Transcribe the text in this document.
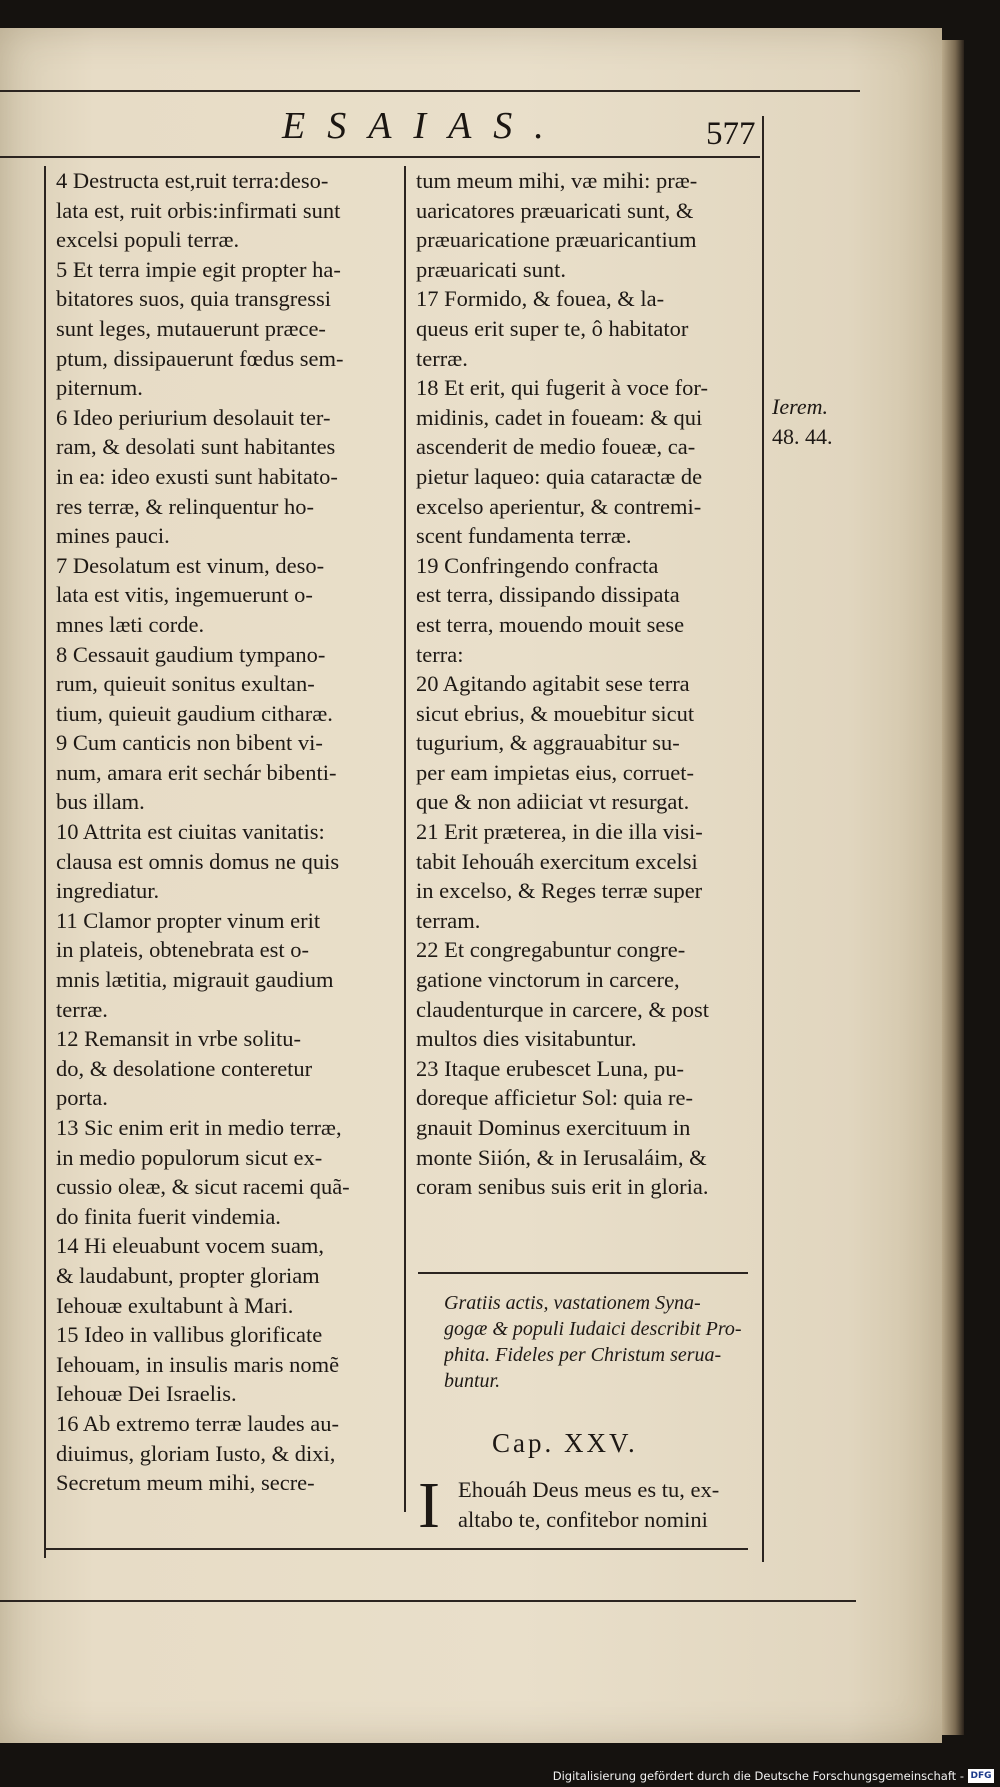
ESAIAS.	577
4 Destructa est,ruit terra:deso-
lata est, ruit orbis:infirmati sunt
excelsi populi terræ.
5 Et terra impie egit propter ha-
bitatores suos, quia transgressi
sunt leges, mutauerunt præce-
ptum, dissipauerunt fœdus sem-
piternum.
6 Ideo periurium desolauit ter-
ram, & desolati sunt habitantes
in ea: ideo exusti sunt habitato-
res terræ, & relinquentur ho-
mines pauci.
7 Desolatum est vinum, deso-
lata est vitis, ingemuerunt o-
mnes læti corde.
8 Cessauit gaudium tympano-
rum, quieuit sonitus exultan-
tium, quieuit gaudium citharæ.
9 Cum canticis non bibent vi-
num, amara erit sechár bibenti-
bus illam.
10 Attrita est ciuitas vanitatis:
clausa est omnis domus ne quis
ingrediatur.
11 Clamor propter vinum erit
in plateis, obtenebrata est o-
mnis lætitia, migrauit gaudium
terræ.
12 Remansit in vrbe solitu-
do, & desolatione conteretur
porta.
13 Sic enim erit in medio terræ,
in medio populorum sicut ex-
cussio oleæ, & sicut racemi quã-
do finita fuerit vindemia.
14 Hi eleuabunt vocem suam,
& laudabunt, propter gloriam
Iehouæ exultabunt à Mari.
15 Ideo in vallibus glorificate
Iehouam, in insulis maris nomẽ
Iehouæ Dei Israelis.
16 Ab extremo terræ laudes au-
diuimus, gloriam Iusto, & dixi,
Secretum meum mihi, secre-
tum meum mihi, væ mihi: præ-
uaricatores præuaricati sunt, &
præuaricatione præuaricantium
præuaricati sunt.
17 Formido, & fouea, & la-
queus erit super te, ô habitator
terræ.
18 Et erit, qui fugerit à voce for-
midinis, cadet in foueam: & qui
ascenderit de medio foueæ, ca-
pietur laqueo: quia cataractæ de
excelso aperientur, & contremi-
scent fundamenta terræ.
19 Confringendo confracta
est terra, dissipando dissipata
est terra, mouendo mouit sese
terra:
20 Agitando agitabit sese terra
sicut ebrius, & mouebitur sicut
tugurium, & aggrauabitur su-
per eam impietas eius, corruet-
que & non adiiciat vt resurgat.
21 Erit præterea, in die illa visi-
tabit Iehouáh exercitum excelsi
in excelso, & Reges terræ super
terram.
22 Et congregabuntur congre-
gatione vinctorum in carcere,
claudenturque in carcere, & post
multos dies visitabuntur.
23 Itaque erubescet Luna, pu-
doreque afficietur Sol: quia re-
gnauit Dominus exercituum in
monte Siión, & in Ierusaláim, &
coram senibus suis erit in gloria.
Ierem.
48. 44.
Gratiis actis, vastationem Syna-
gogæ & populi Iudaici describit Pro-
phita. Fideles per Christum serua-
buntur.
Cap. XXV.
I Ehouáh Deus meus es tu, ex-
altabo te, confitebor nomini
Digitalisierung gefördert durch die Deutsche Forschungsgemeinschaft - DFG
